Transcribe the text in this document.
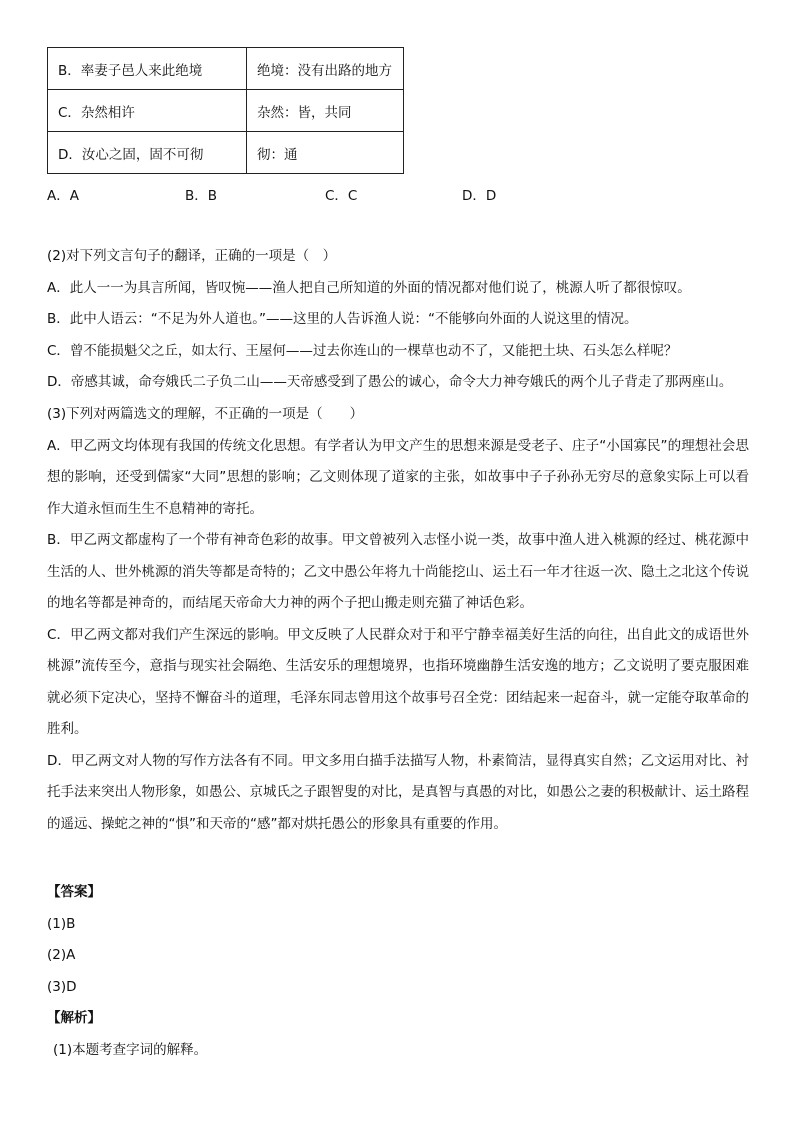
B．率妻子邑人来此绝境	绝境：没有出路的地方
C．杂然相许	杂然：皆，共同
D．汝心之固，固不可彻	彻：通
A．A	B．B	C．C	D．D

(2)对下列文言句子的翻译，正确的一项是（　）

A．此人一一为具言所闻，皆叹惋——渔人把自己所知道的外面的情况都对他们说了，桃源人听了都很惊叹。

B．此中人语云：“不足为外人道也。”——这里的人告诉渔人说：“不能够向外面的人说这里的情况。

C．曾不能损魁父之丘，如太行、王屋何——过去你连山的一棵草也动不了，又能把土块、石头怎么样呢？

D．帝感其诚，命夸娥氏二子负二山——天帝感受到了愚公的诚心，命令大力神夸娥氏的两个儿子背走了那两座山。

(3)下列对两篇选文的理解，不正确的一项是（　　）

A．甲乙两文均体现有我国的传统文化思想。有学者认为甲文产生的思想来源是受老子、庄子“小国寡民”的理想社会思想的影响，还受到儒家“大同”思想的影响；乙文则体现了道家的主张，如故事中子子孙孙无穷尽的意象实际上可以看作大道永恒而生生不息精神的寄托。

B．甲乙两文都虚构了一个带有神奇色彩的故事。甲文曾被列入志怪小说一类，故事中渔人进入桃源的经过、桃花源中生活的人、世外桃源的消失等都是奇特的；乙文中愚公年将九十尚能挖山、运土石一年才往返一次、隐土之北这个传说的地名等都是神奇的，而结尾天帝命大力神的两个子把山搬走则充猫了神话色彩。

C．甲乙两文都对我们产生深远的影响。甲文反映了人民群众对于和平宁静幸福美好生活的向往，出自此文的成语世外桃源”流传至今，意指与现实社会隔绝、生活安乐的理想境界，也指环境幽静生活安逸的地方；乙文说明了要克服困难就必须下定决心，坚持不懈奋斗的道理，毛泽东同志曾用这个故事号召全党：团结起来一起奋斗，就一定能夺取革命的胜利。

D．甲乙两文对人物的写作方法各有不同。甲文多用白描手法描写人物，朴素简洁，显得真实自然；乙文运用对比、衬托手法来突出人物形象，如愚公、京城氏之子跟智叟的对比，是真智与真愚的对比，如愚公之妻的积极献计、运土路程的遥远、操蛇之神的“惧”和天帝的“感”都对烘托愚公的形象具有重要的作用。

【答案】

(1)B

(2)A

(3)D

【解析】

(1)本题考查字词的解释。
